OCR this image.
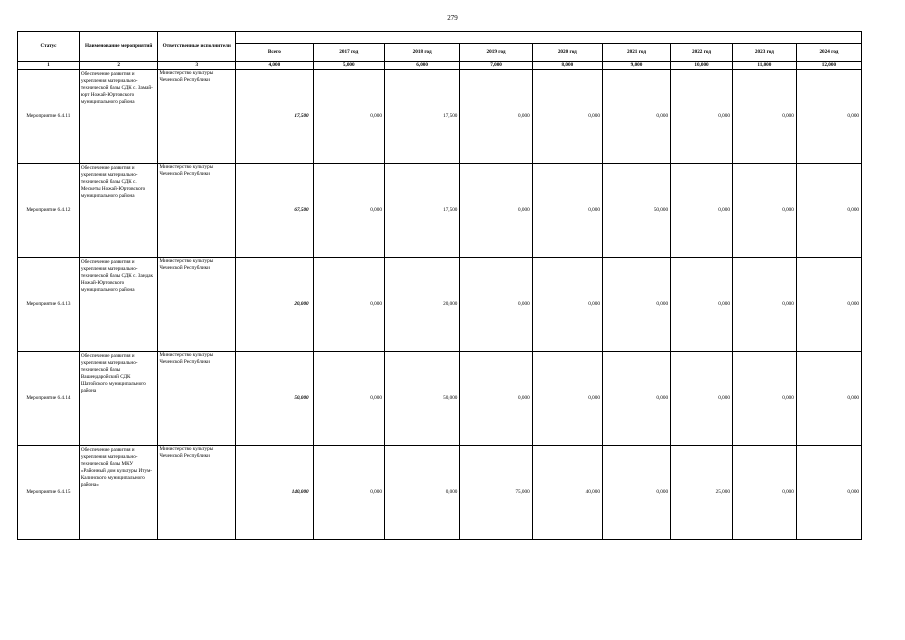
279
Статус	Наименование мероприятий	Ответственные исполнители									
			Всего	2017 год	2018 год	2019 год	2020 год	2021 год	2022 год	2023 год	2024 год
1	2	3	4,000	5,000	6,000	7,000	8,000	9,000	10,000	11,000	12,000
Мероприятие 6.4.11	Обеспечение развития и укрепления материально-технической базы СДК с. Замай-юрт Ножай-Юртовского муниципального района	Министерство культуры Чеченской Республики	17,500	0,000	17,500	0,000	0,000	0,000	0,000	0,000	0,000
Мероприятие 6.4.12	Обеспечение развития и укрепления материально-технической базы СДК с. Мескеты Ножай-Юртовского муниципального района	Министерство культуры Чеченской Республики	67,500	0,000	17,500	0,000	0,000	50,000	0,000	0,000	0,000
Мероприятие 6.4.13	Обеспечение развития и укрепления материально-технической базы СДК с. Зандак Ножай-Юртовского муниципального района	Министерство культуры Чеченской Республики	20,000	0,000	20,000	0,000	0,000	0,000	0,000	0,000	0,000
Мероприятие 6.4.14	Обеспечение развития и укрепления материально-технической базы Вашендаройский СДК Шатойского муниципального района	Министерство культуры Чеченской Республики	50,000	0,000	50,000	0,000	0,000	0,000	0,000	0,000	0,000
Мероприятие 6.4.15	Обеспечение развития и укрепления материально-технической базы МКУ «Районный дом культуры Итум-Калинского муниципального района»	Министерство культуры Чеченской Республики	140,000	0,000	0,000	75,000	40,000	0,000	25,000	0,000	0,000
